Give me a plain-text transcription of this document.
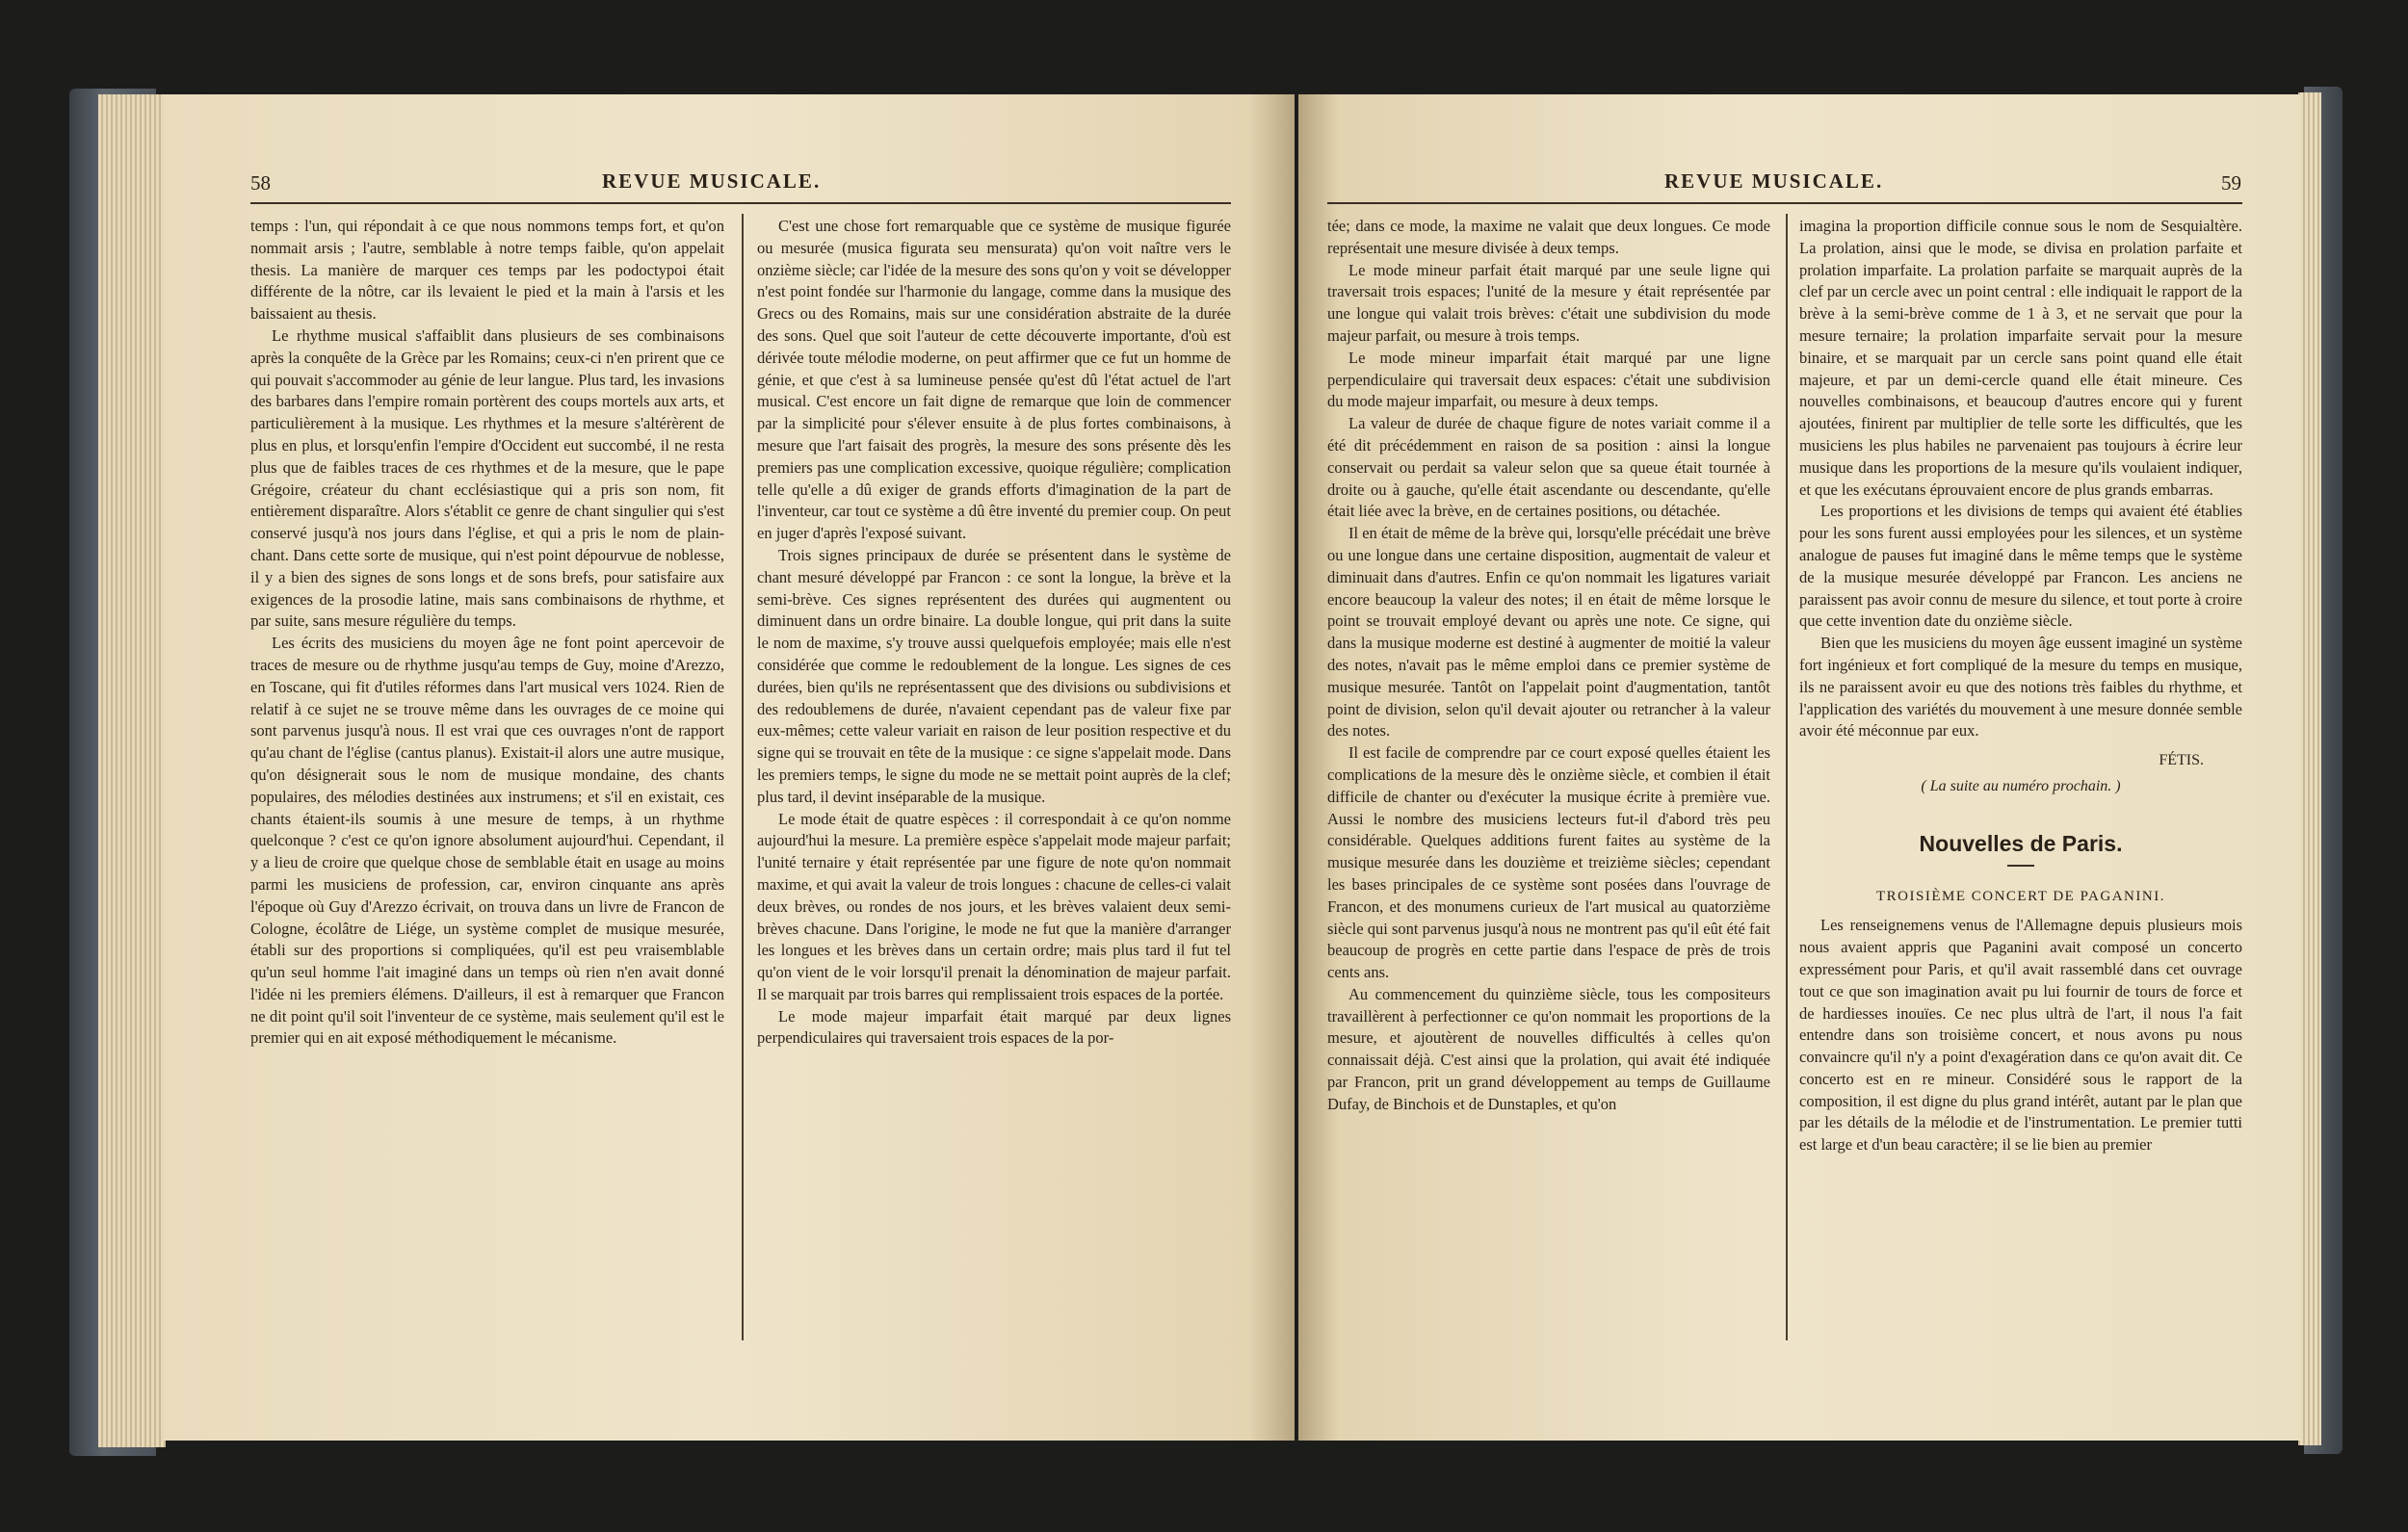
58	REVUE MUSICALE.

temps : l'un, qui répondait à ce que nous nommons temps fort, et qu'on nommait arsis ; l'autre, semblable à notre temps faible, qu'on appelait thesis. La manière de marquer ces temps par les podoctypoi était différente de la nôtre, car ils levaient le pied et la main à l'arsis et les baissaient au thesis.

Le rhythme musical s'affaiblit dans plusieurs de ses combinaisons après la conquête de la Grèce par les Romains; ceux-ci n'en prirent que ce qui pouvait s'accommoder au génie de leur langue. Plus tard, les invasions des barbares dans l'empire romain portèrent des coups mortels aux arts, et particulièrement à la musique. Les rhythmes et la mesure s'altérèrent de plus en plus, et lorsqu'enfin l'empire d'Occident eut succombé, il ne resta plus que de faibles traces de ces rhythmes et de la mesure, que le pape Grégoire, créateur du chant ecclésiastique qui a pris son nom, fit entièrement disparaître. Alors s'établit ce genre de chant singulier qui s'est conservé jusqu'à nos jours dans l'église, et qui a pris le nom de plain-chant. Dans cette sorte de musique, qui n'est point dépourvue de noblesse, il y a bien des signes de sons longs et de sons brefs, pour satisfaire aux exigences de la prosodie latine, mais sans combinaisons de rhythme, et par suite, sans mesure régulière du temps.

Les écrits des musiciens du moyen âge ne font point apercevoir de traces de mesure ou de rhythme jusqu'au temps de Guy, moine d'Arezzo, en Toscane, qui fit d'utiles réformes dans l'art musical vers 1024. Rien de relatif à ce sujet ne se trouve même dans les ouvrages de ce moine qui sont parvenus jusqu'à nous. Il est vrai que ces ouvrages n'ont de rapport qu'au chant de l'église (cantus planus). Existait-il alors une autre musique, qu'on désignerait sous le nom de musique mondaine, des chants populaires, des mélodies destinées aux instrumens; et s'il en existait, ces chants étaient-ils soumis à une mesure de temps, à un rhythme quelconque ? c'est ce qu'on ignore absolument aujourd'hui. Cependant, il y a lieu de croire que quelque chose de semblable était en usage au moins parmi les musiciens de profession, car, environ cinquante ans après l'époque où Guy d'Arezzo écrivait, on trouva dans un livre de Francon de Cologne, écolâtre de Liége, un système complet de musique mesurée, établi sur des proportions si compliquées, qu'il est peu vraisemblable qu'un seul homme l'ait imaginé dans un temps où rien n'en avait donné l'idée ni les premiers élémens. D'ailleurs, il est à remarquer que Francon ne dit point qu'il soit l'inventeur de ce système, mais seulement qu'il est le premier qui en ait exposé méthodiquement le mécanisme.

C'est une chose fort remarquable que ce système de musique figurée ou mesurée (musica figurata seu mensurata) qu'on voit naître vers le onzième siècle; car l'idée de la mesure des sons qu'on y voit se développer n'est point fondée sur l'harmonie du langage, comme dans la musique des Grecs ou des Romains, mais sur une considération abstraite de la durée des sons. Quel que soit l'auteur de cette découverte importante, d'où est dérivée toute mélodie moderne, on peut affirmer que ce fut un homme de génie, et que c'est à sa lumineuse pensée qu'est dû l'état actuel de l'art musical. C'est encore un fait digne de remarque que loin de commencer par la simplicité pour s'élever ensuite à de plus fortes combinaisons, à mesure que l'art faisait des progrès, la mesure des sons présente dès les premiers pas une complication excessive, quoique régulière; complication telle qu'elle a dû exiger de grands efforts d'imagination de la part de l'inventeur, car tout ce système a dû être inventé du premier coup. On peut en juger d'après l'exposé suivant.

Trois signes principaux de durée se présentent dans le système de chant mesuré développé par Francon : ce sont la longue, la brève et la semi-brève. Ces signes représentent des durées qui augmentent ou diminuent dans un ordre binaire. La double longue, qui prit dans la suite le nom de maxime, s'y trouve aussi quelquefois employée; mais elle n'est considérée que comme le redoublement de la longue. Les signes de ces durées, bien qu'ils ne représentassent que des divisions ou subdivisions et des redoublemens de durée, n'avaient cependant pas de valeur fixe par eux-mêmes; cette valeur variait en raison de leur position respective et du signe qui se trouvait en tête de la musique : ce signe s'appelait mode. Dans les premiers temps, le signe du mode ne se mettait point auprès de la clef; plus tard, il devint inséparable de la musique.

Le mode était de quatre espèces : il correspondait à ce qu'on nomme aujourd'hui la mesure. La première espèce s'appelait mode majeur parfait; l'unité ternaire y était représentée par une figure de note qu'on nommait maxime, et qui avait la valeur de trois longues : chacune de celles-ci valait deux brèves, ou rondes de nos jours, et les brèves valaient deux semi-brèves chacune. Dans l'origine, le mode ne fut que la manière d'arranger les longues et les brèves dans un certain ordre; mais plus tard il fut tel qu'on vient de le voir lorsqu'il prenait la dénomination de majeur parfait. Il se marquait par trois barres qui remplissaient trois espaces de la portée.

Le mode majeur imparfait était marqué par deux lignes perpendiculaires qui traversaient trois espaces de la por-

REVUE MUSICALE.	59

tée; dans ce mode, la maxime ne valait que deux longues. Ce mode représentait une mesure divisée à deux temps.

Le mode mineur parfait était marqué par une seule ligne qui traversait trois espaces; l'unité de la mesure y était représentée par une longue qui valait trois brèves: c'était une subdivision du mode majeur parfait, ou mesure à trois temps.

Le mode mineur imparfait était marqué par une ligne perpendiculaire qui traversait deux espaces: c'était une subdivision du mode majeur imparfait, ou mesure à deux temps.

La valeur de durée de chaque figure de notes variait comme il a été dit précédemment en raison de sa position : ainsi la longue conservait ou perdait sa valeur selon que sa queue était tournée à droite ou à gauche, qu'elle était ascendante ou descendante, qu'elle était liée avec la brève, en de certaines positions, ou détachée.

Il en était de même de la brève qui, lorsqu'elle précédait une brève ou une longue dans une certaine disposition, augmentait de valeur et diminuait dans d'autres. Enfin ce qu'on nommait les ligatures variait encore beaucoup la valeur des notes; il en était de même lorsque le point se trouvait employé devant ou après une note. Ce signe, qui dans la musique moderne est destiné à augmenter de moitié la valeur des notes, n'avait pas le même emploi dans ce premier système de musique mesurée. Tantôt on l'appelait point d'augmentation, tantôt point de division, selon qu'il devait ajouter ou retrancher à la valeur des notes.

Il est facile de comprendre par ce court exposé quelles étaient les complications de la mesure dès le onzième siècle, et combien il était difficile de chanter ou d'exécuter la musique écrite à première vue. Aussi le nombre des musiciens lecteurs fut-il d'abord très peu considérable. Quelques additions furent faites au système de la musique mesurée dans les douzième et treizième siècles; cependant les bases principales de ce système sont posées dans l'ouvrage de Francon, et des monumens curieux de l'art musical au quatorzième siècle qui sont parvenus jusqu'à nous ne montrent pas qu'il eût été fait beaucoup de progrès en cette partie dans l'espace de près de trois cents ans.

Au commencement du quinzième siècle, tous les compositeurs travaillèrent à perfectionner ce qu'on nommait les proportions de la mesure, et ajoutèrent de nouvelles difficultés à celles qu'on connaissait déjà. C'est ainsi que la prolation, qui avait été indiquée par Francon, prit un grand développement au temps de Guillaume Dufay, de Binchois et de Dunstaples, et qu'on

imagina la proportion difficile connue sous le nom de Sesquialtère. La prolation, ainsi que le mode, se divisa en prolation parfaite et prolation imparfaite. La prolation parfaite se marquait auprès de la clef par un cercle avec un point central : elle indiquait le rapport de la brève à la semi-brève comme de 1 à 3, et ne servait que pour la mesure ternaire; la prolation imparfaite servait pour la mesure binaire, et se marquait par un cercle sans point quand elle était majeure, et par un demi-cercle quand elle était mineure. Ces nouvelles combinaisons, et beaucoup d'autres encore qui y furent ajoutées, finirent par multiplier de telle sorte les difficultés, que les musiciens les plus habiles ne parvenaient pas toujours à écrire leur musique dans les proportions de la mesure qu'ils voulaient indiquer, et que les exécutans éprouvaient encore de plus grands embarras.

Les proportions et les divisions de temps qui avaient été établies pour les sons furent aussi employées pour les silences, et un système analogue de pauses fut imaginé dans le même temps que le système de la musique mesurée développé par Francon. Les anciens ne paraissent pas avoir connu de mesure du silence, et tout porte à croire que cette invention date du onzième siècle.

Bien que les musiciens du moyen âge eussent imaginé un système fort ingénieux et fort compliqué de la mesure du temps en musique, ils ne paraissent avoir eu que des notions très faibles du rhythme, et l'application des variétés du mouvement à une mesure donnée semble avoir été méconnue par eux.

FÉTIS.
( La suite au numéro prochain. )
Nouvelles de Paris.
TROISIÈME CONCERT DE PAGANINI.

Les renseignemens venus de l'Allemagne depuis plusieurs mois nous avaient appris que Paganini avait composé un concerto expressément pour Paris, et qu'il avait rassemblé dans cet ouvrage tout ce que son imagination avait pu lui fournir de tours de force et de hardiesses inouïes. Ce nec plus ultrà de l'art, il nous l'a fait entendre dans son troisième concert, et nous avons pu nous convaincre qu'il n'y a point d'exagération dans ce qu'on avait dit. Ce concerto est en re mineur. Considéré sous le rapport de la composition, il est digne du plus grand intérêt, autant par le plan que par les détails de la mélodie et de l'instrumentation. Le premier tutti est large et d'un beau caractère; il se lie bien au premier
